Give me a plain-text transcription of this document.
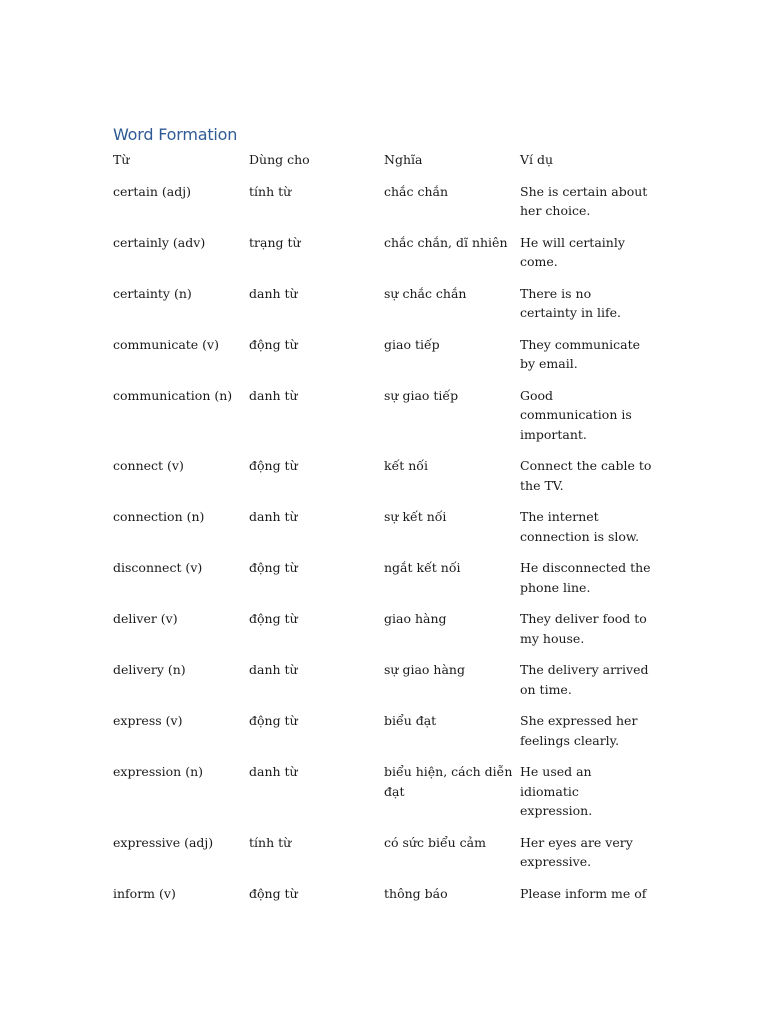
Word Formation
Từ	Dùng cho	Nghĩa	Ví dụ
certain (adj)	tính từ	chắc chắn	She is certain about her choice.
certainly (adv)	trạng từ	chắc chắn, dĩ nhiên	He will certainly come.
certainty (n)	danh từ	sự chắc chắn	There is no certainty in life.
communicate (v)	động từ	giao tiếp	They communicate by email.
communication (n)	danh từ	sự giao tiếp	Good communication is important.
connect (v)	động từ	kết nối	Connect the cable to the TV.
connection (n)	danh từ	sự kết nối	The internet connection is slow.
disconnect (v)	động từ	ngắt kết nối	He disconnected the phone line.
deliver (v)	động từ	giao hàng	They deliver food to my house.
delivery (n)	danh từ	sự giao hàng	The delivery arrived on time.
express (v)	động từ	biểu đạt	She expressed her feelings clearly.
expression (n)	danh từ	biểu hiện, cách diễn đạt	He used an idiomatic expression.
expressive (adj)	tính từ	có sức biểu cảm	Her eyes are very expressive.
inform (v)	động từ	thông báo	Please inform me of
